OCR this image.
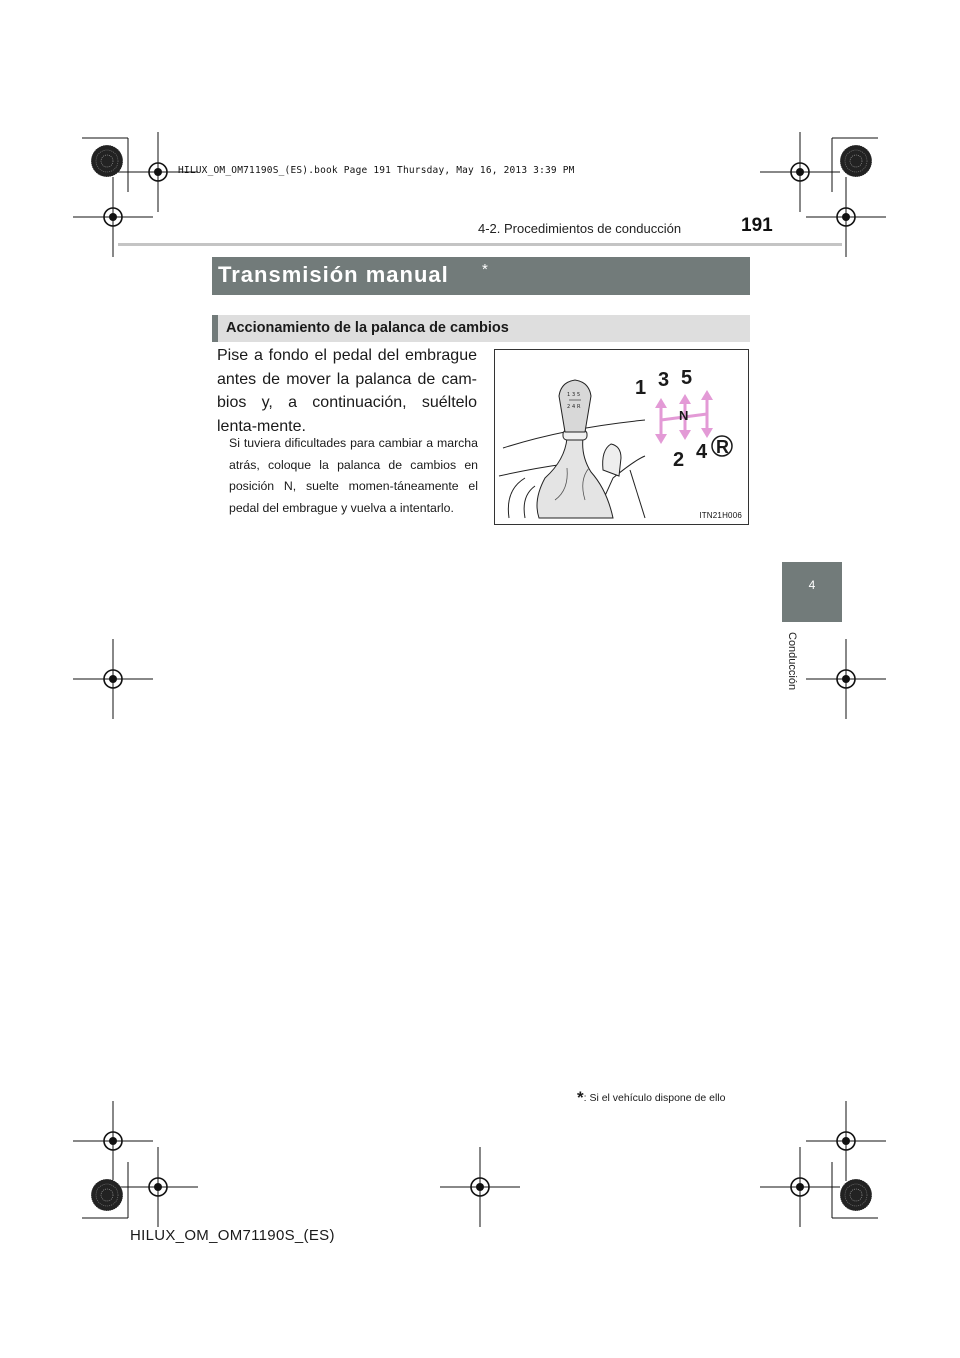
HILUX_OM_OM71190S_(ES).book Page 191 Thursday, May 16, 2013 3:39 PM
4-2. Procedimientos de conducción	191
Transmisión manual *
Accionamiento de la palanca de cambios
Pise a fondo el pedal del embrague antes de mover la palanca de cam-bios y, a continuación, suéltelo lenta-mente.
Si tuviera dificultades para cambiar a marcha atrás, coloque la palanca de cambios en posición N, suelte momen-táneamente el pedal del embrague y vuelva a intentarlo.
1 3 5
2 4 R
1 3 5
N
2 4 R
ITN21H006
4
Conducción
*: Si el vehículo dispone de ello
HILUX_OM_OM71190S_(ES)
